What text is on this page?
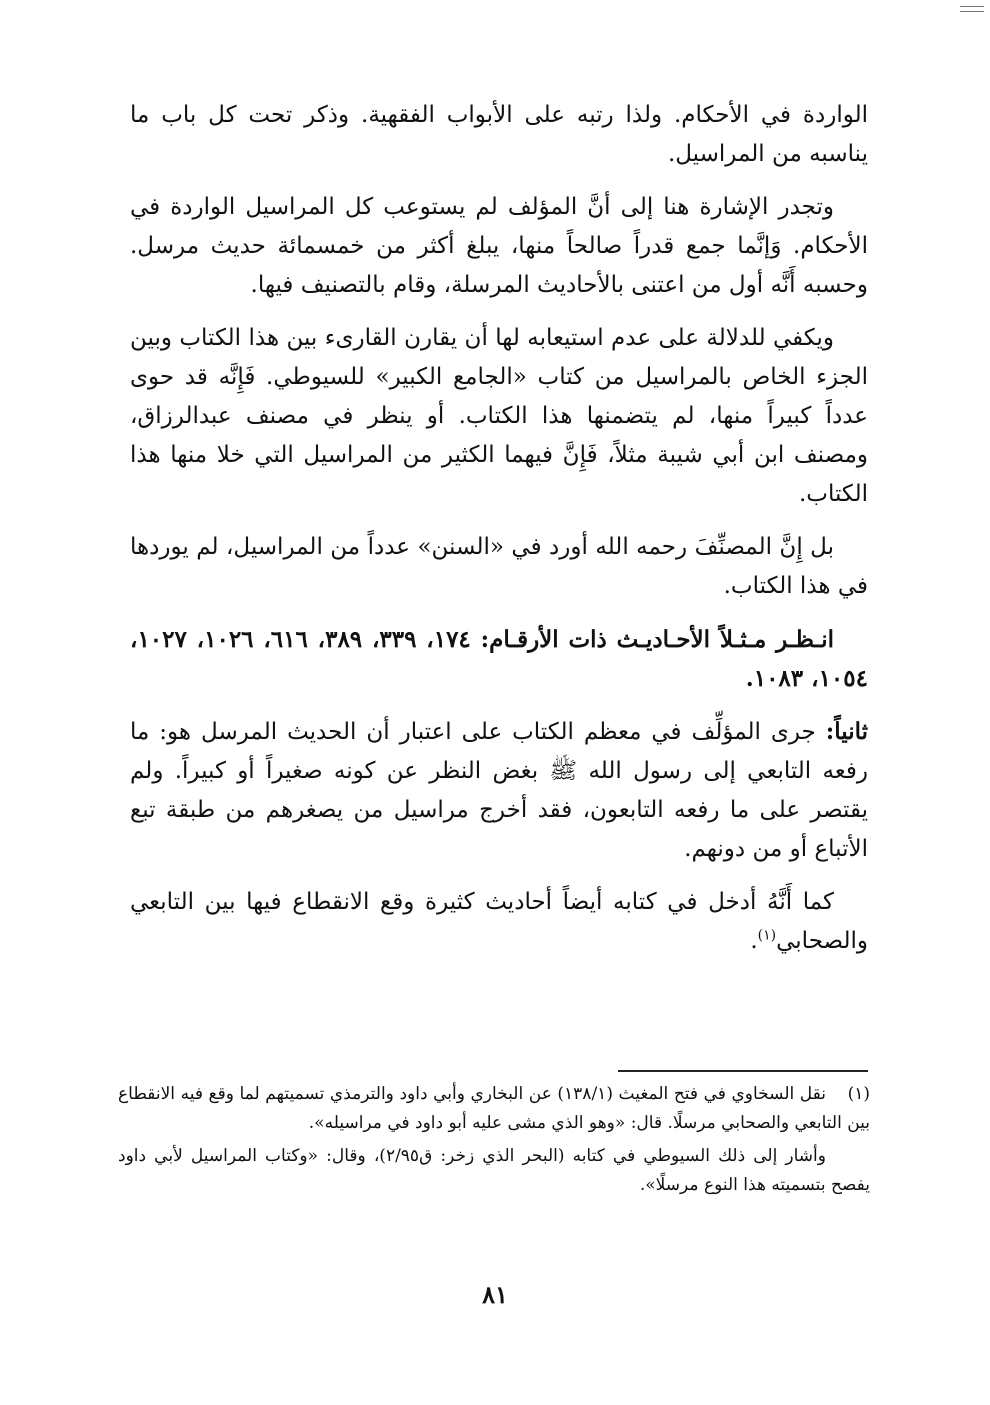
الواردة في الأحكام. ولذا رتبه على الأبواب الفقهية. وذكر تحت كل باب ما يناسبه من المراسيل.

وتجدر الإشارة هنا إلى أنَّ المؤلف لم يستوعب كل المراسيل الواردة في الأحكام. وَإنَّما جمع قدراً صالحاً منها، يبلغ أكثر من خمسمائة حديث مرسل. وحسبه أَنَّه أول من اعتنى بالأحاديث المرسلة، وقام بالتصنيف فيها.

ويكفي للدلالة على عدم استيعابه لها أن يقارن القارىء بين هذا الكتاب وبين الجزء الخاص بالمراسيل من كتاب «الجامع الكبير» للسيوطي. فَإِنَّه قد حوى عدداً كبيراً منها، لم يتضمنها هذا الكتاب. أو ينظر في مصنف عبدالرزاق، ومصنف ابن أبي شيبة مثلاً، فَإِنَّ فيهما الكثير من المراسيل التي خلا منها هذا الكتاب.

بل إِنَّ المصنِّفَ رحمه الله أورد في «السنن» عدداً من المراسيل، لم يوردها في هذا الكتاب.

انـظـر مـثـلاً الأحـاديـث ذات الأرقـام: ١٧٤، ٣٣٩، ٣٨٩، ٦١٦، ١٠٢٦، ١٠٢٧، ١٠٥٤، ١٠٨٣.

ثانياً: جرى المؤلِّف في معظم الكتاب على اعتبار أن الحديث المرسل هو: ما رفعه التابعي إلى رسول الله ﷺ بغض النظر عن كونه صغيراً أو كبيراً. ولم يقتصر على ما رفعه التابعون، فقد أخرج مراسيل من يصغرهم من طبقة تبع الأتباع أو من دونهم.

كما أَنَّهُ أدخل في كتابه أيضاً أحاديث كثيرة وقع الانقطاع فيها بين التابعي والصحابي$^{(١)}$.

(١)نقل السخاوي في فتح المغيث (١٣٨/١) عن البخاري وأبي داود والترمذي تسميتهم لما وقع فيه الانقطاع بين التابعي والصحابي مرسلًا. قال: «وهو الذي مشى عليه أبو داود في مراسيله».

وأشار إلى ذلك السيوطي في كتابه (البحر الذي زخر: ق٢/٩٥)، وقال: «وكتاب المراسيل لأبي داود يفصح بتسميته هذا النوع مرسلًا».

٨١
